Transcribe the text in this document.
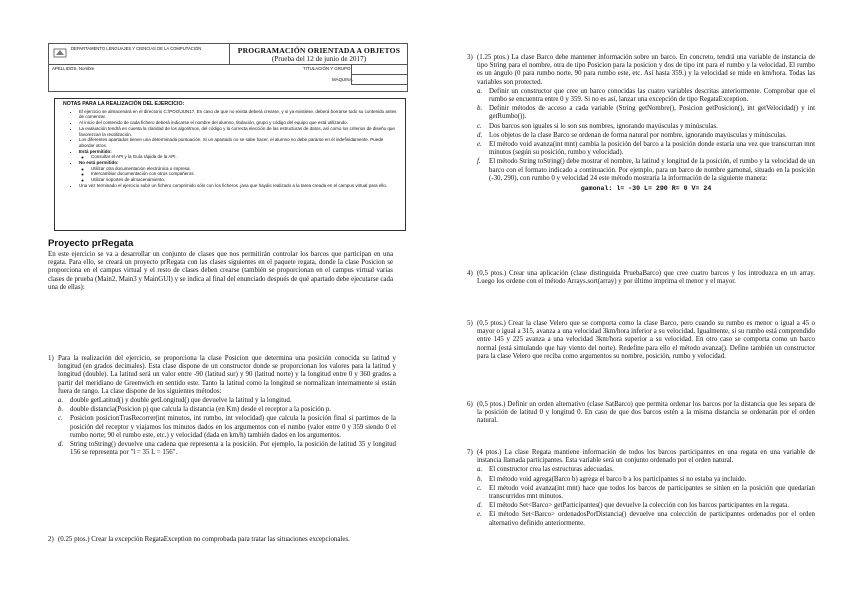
DEPARTAMENTO LENGUAJES Y CIENCIAS DE LA COMPUTACIÓN	PROGRAMACIÓN ORIENTADA A OBJETOS
(Prueba del 12 de junio de 2017)
APELLIDOS, Nombre	TITULACIÓN Y GRUPO
MÁQUINA
NOTAS PARA LA REALIZACIÓN DEL EJERCICIO:
• El ejercicio se almacenará en el directorio C:\POO\JUN17. En caso de que no exista deberá crearse, y si ya existiese, deberá borrarse todo su contenido antes de comenzar.
• Al inicio del contenido de cada fichero deberá indicarse el nombre del alumno, titulación, grupo y código del equipo que está utilizando.
• La evaluación tendrá en cuenta la claridad de los algoritmos, del código y la correcta elección de las estructuras de datos, así como los criterios de diseño que favorezcan la reutilización.
• Los diferentes apartados tienen una determinada puntuación. Si un apartado no se sabe hacer, el alumno no debe pararse en él indefinidamente. Puede abordar otros.
• Está permitido:
◦ Consultar el API y la Guía rápida de la API.
• No está permitido:
◦ Utilizar otra documentación electrónica o impresa.
◦ Intercambiar documentación con otros compañeros.
◦ Utilizar soportes de almacenamiento.
• Una vez terminado el ejercicio subir un fichero comprimido sólo con los ficheros .java que hayáis realizado a la tarea creada en el campus virtual para ello.
Proyecto prRegata

En este ejercicio se va a desarrollar un conjunto de clases que nos permitirán controlar los barcos que participan en una regata. Para ello, se creará un proyecto prRegata con las clases siguientes en el paquete regata, donde la clase Posicion se proporciona en el campus virtual y el resto de clases deben crearse (también se proporcionan en el campus virtual varias clases de prueba (Main2, Main3 y MainGUI) y se indica al final del enunciado después de qué apartado debe ejecutarse cada una de ellas):

1) Para la realización del ejercicio, se proporciona la clase Posicion que determina una posición conocida su latitud y longitud (en grados decimales). Esta clase dispone de un constructor donde se proporcionan los valores para la latitud y longitud (double). La latitud será un valor entre -90 (latitud sur) y 90 (latitud norte) y la longitud entre 0 y 360 grados a partir del meridiano de Greenwich en sentido este. Tanto la latitud como la longitud se normalizan internamente si están fuera de rango. La clase dispone de los siguientes métodos:

a. double getLatitud() y double getLongitud() que devuelve la latitud y la longitud.
b. double distancia(Posicion p) que calcula la distancia (en Km) desde el receptor a la posición p.
c. Posicion posicionTrasRecorrer(int minutos, int rumbo, int velocidad) que calcula la posición final si partimos de la posición del receptor y viajamos los minutos dados en los argumentos con el rumbo (valor entre 0 y 359 siendo 0 el rumbo norte; 90 el rumbo este, etc.) y velocidad (dada en km/h) también dados en los argumentos.
d. String toString() devuelve una cadena que representa a la posición. Por ejemplo, la posición de latitud 35 y longitud 156 se representa por "l = 35 L = 156".
2) (0.25 ptos.) Crear la excepción RegataException no comprobada para tratar las situaciones excepcionales.

3) (1.25 ptos.) La clase Barco debe mantener información sobre un barco. En concreto, tendrá una variable de instancia de tipo String para el nombre, otra de tipo Posicion para la posicion y dos de tipo int para el rumbo y la velocidad. El rumbo es un ángulo (0 para rumbo norte, 90 para rumbo este, etc. Así hasta 359.) y la velocidad se mide en km/hora. Todas las variables son protected.

a. Definir un constructor que cree un barco conocidas las cuatro variables descritas anteriormente. Comprobar que el rumbo se encuentra entre 0 y 359. Si no es así, lanzar una excepción de tipo RegataException.
b. Definir métodos de acceso a cada variable (String getNombre(), Posicion getPosicion(), int getVelocidad() y int getRumbo()).
c. Dos barcos son iguales si lo son sus nombres, ignorando mayúsculas y minúsculas.
d. Los objetos de la clase Barco se ordenan de forma natural por nombre, ignorando mayúsculas y minúsculas.
e. El método void avanza(int mnt) cambia la posición del barco a la posición donde estaría una vez que transcurran mnt minutos (según su posición, rumbo y velocidad).
f. El método String toString() debe mostrar el nombre, la latitud y longitud de la posición, el rumbo y la velocidad de un barco con el formato indicado a continuación. Por ejemplo, para un barco de nombre gamonal, situado en la posición (-30, 290), con rumbo 0 y velocidad 24 este método mostraría la información de la siguiente manera:
gamonal: l= -30 L= 290 R= 0 V= 24
4) (0,5 ptos.) Crear una aplicación (clase distinguida PruebaBarco) que cree cuatro barcos y los introduzca en un array. Luego los ordene con el método Arrays.sort(array) y por último imprima el menor y el mayor.

5) (0,5 ptos.) Crear la clase Velero que se comporta como la clase Barco, pero cuando su rumbo es menor o igual a 45 o mayor o igual a 315, avanza a una velocidad 3km/hora inferior a su velocidad. Igualmente, si su rumbo está comprendido entre 145 y 225 avanza a una velocidad 3km/hora superior a su velocidad. En otro caso se comporta como un barco normal (está simulando que hay viento del norte). Redefine para ello el método avanza(). Define también un constructor para la clase Velero que reciba como argumentos su nombre, posición, rumbo y velocidad.

6) (0,5 ptos.) Definir un orden alternativo (clase SatBarco) que permita ordenar los barcos por la distancia que les separa de la posición de latitud 0 y longitud 0. En caso de que dos barcos estén a la misma distancia se ordenarán por el orden natural.

7) (4 ptos.) La clase Regata mantiene información de todos los barcos participantes en una regata en una variable de instancia llamada participantes. Esta variable será un conjunto ordenado por el orden natural.

a. El constructor crea las estructuras adecuadas.
b. El método void agrega(Barco b) agrega el barco b a los participantes si no estaba ya incluido.
c. El método void avanza(int mnt) hace que todos los barcos de participantes se sitúen en la posición que quedarían transcurridos mnt minutos.
d. El método Set<Barco> getParticipantes() que devuelve la colección con los barcos participantes en la regata.
e. El método Set<Barco> ordenadosPorDistancia() devuelve una colección de participantes ordenados por el orden alternativo definido anteriormente.
